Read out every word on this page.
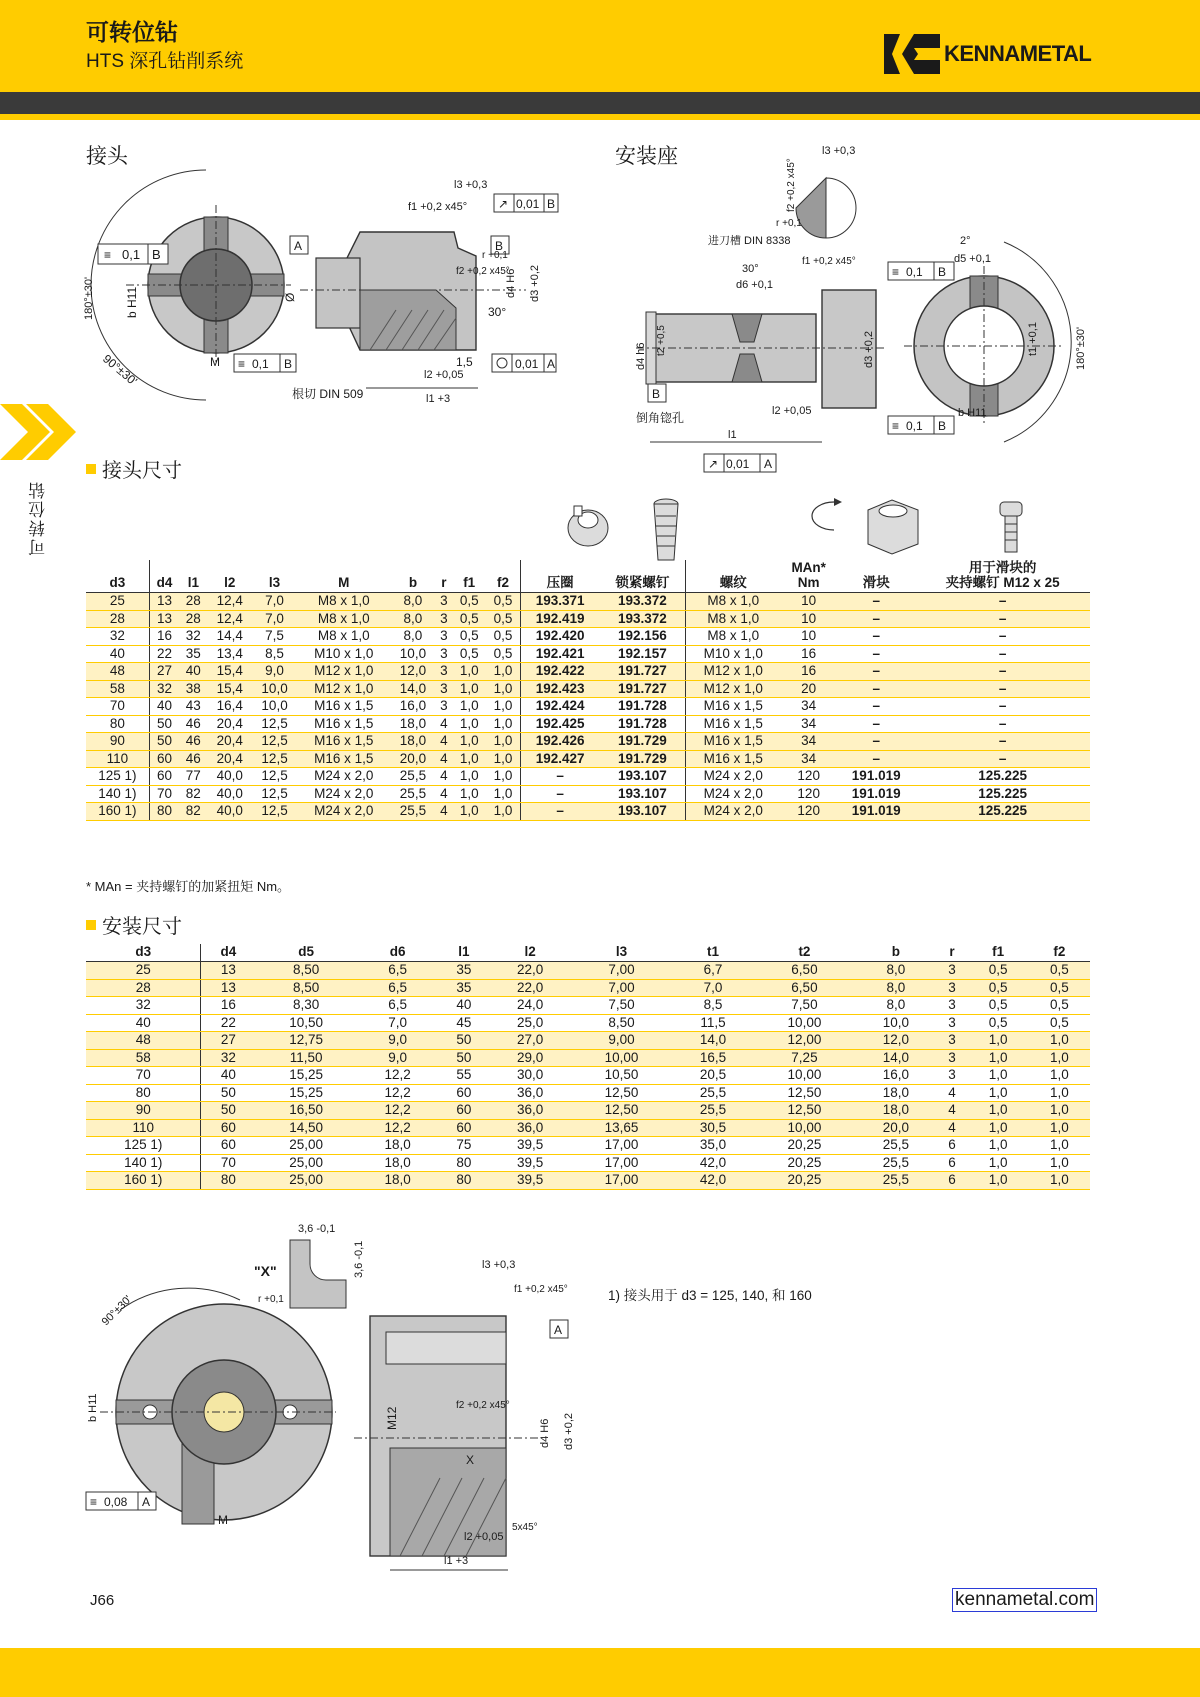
可转位钻
HTS 深孔钻削系统	KENNAMETAL
可转位钻
接头	安装座
≡ 0,1 B
180°±30'	b H11
90°±30'	M ≡ 0,1 B
A
l3 +0,3
f1 +0,2 x45°	↗ 0,01 B
B
Ø
r +0,1
f2 +0,2 x45°
d4 H6 d3 +0,2
30°
1,5	0,01 A
l2 +0,05
l1 +3
根切 DIN 509
l3 +0,3
f2 +0,2 x45°
r +0,1
进刀槽 DIN 8338
30°
f1 +0,2 x45°
d6 +0,1
t2 +0,5
d4 h6	d3 +0,2
B
倒角锪孔	l2 +0,05
l1
↗ 0,01 A
2°
d5 +0,1
≡ 0,1 B
t1 +0,1	180°±30'
b H11
≡ 0,1 B
接头尺寸
d3	d4	l1	l2	l3	M	b	r	f1	f2	压圈	锁紧螺钉	螺纹	MAn*
Nm	滑块	用于滑块的
夹持螺钉 M12 x 25
25	13	28	12,4	7,0	M8 x 1,0	8,0	3	0,5	0,5	193.371	193.372	M8 x 1,0	10	–	–
28	13	28	12,4	7,0	M8 x 1,0	8,0	3	0,5	0,5	192.419	193.372	M8 x 1,0	10	–	–
32	16	32	14,4	7,5	M8 x 1,0	8,0	3	0,5	0,5	192.420	192.156	M8 x 1,0	10	–	–
40	22	35	13,4	8,5	M10 x 1,0	10,0	3	0,5	0,5	192.421	192.157	M10 x 1,0	16	–	–
48	27	40	15,4	9,0	M12 x 1,0	12,0	3	1,0	1,0	192.422	191.727	M12 x 1,0	16	–	–
58	32	38	15,4	10,0	M12 x 1,0	14,0	3	1,0	1,0	192.423	191.727	M12 x 1,0	20	–	–
70	40	43	16,4	10,0	M16 x 1,5	16,0	3	1,0	1,0	192.424	191.728	M16 x 1,5	34	–	–
80	50	46	20,4	12,5	M16 x 1,5	18,0	4	1,0	1,0	192.425	191.728	M16 x 1,5	34	–	–
90	50	46	20,4	12,5	M16 x 1,5	18,0	4	1,0	1,0	192.426	191.729	M16 x 1,5	34	–	–
110	60	46	20,4	12,5	M16 x 1,5	20,0	4	1,0	1,0	192.427	191.729	M16 x 1,5	34	–	–
125 1)	60	77	40,0	12,5	M24 x 2,0	25,5	4	1,0	1,0	–	193.107	M24 x 2,0	120	191.019	125.225
140 1)	70	82	40,0	12,5	M24 x 2,0	25,5	4	1,0	1,0	–	193.107	M24 x 2,0	120	191.019	125.225
160 1)	80	82	40,0	12,5	M24 x 2,0	25,5	4	1,0	1,0	–	193.107	M24 x 2,0	120	191.019	125.225
* MAn = 夹持螺钉的加紧扭矩 Nm。
安装尺寸
d3	d4	d5	d6	l1	l2	l3	t1	t2	b	r	f1	f2
25	13	8,50	6,5	35	22,0	7,00	6,7	6,50	8,0	3	0,5	0,5
28	13	8,50	6,5	35	22,0	7,00	7,0	6,50	8,0	3	0,5	0,5
32	16	8,30	6,5	40	24,0	7,50	8,5	7,50	8,0	3	0,5	0,5
40	22	10,50	7,0	45	25,0	8,50	11,5	10,00	10,0	3	0,5	0,5
48	27	12,75	9,0	50	27,0	9,00	14,0	12,00	12,0	3	1,0	1,0
58	32	11,50	9,0	50	29,0	10,00	16,5	7,25	14,0	3	1,0	1,0
70	40	15,25	12,2	55	30,0	10,50	20,5	10,00	16,0	3	1,0	1,0
80	50	15,25	12,2	60	36,0	12,50	25,5	12,50	18,0	4	1,0	1,0
90	50	16,50	12,2	60	36,0	12,50	25,5	12,50	18,0	4	1,0	1,0
110	60	14,50	12,2	60	36,0	13,65	30,5	10,00	20,0	4	1,0	1,0
125 1)	60	25,00	18,0	75	39,5	17,00	35,0	20,25	25,5	6	1,0	1,0
140 1)	70	25,00	18,0	80	39,5	17,00	42,0	20,25	25,5	6	1,0	1,0
160 1)	80	25,00	18,0	80	39,5	17,00	42,0	20,25	25,5	6	1,0	1,0
90°±30'
b H11
M
≡ 0,08 A
3,6 -0,1
3,6 -0,1
"X"
r +0,1
l3 +0,3
f1 +0,2 x45°
A
M12
f2 +0,2 x45°
d4 H6 d3 +0,2
X
5x45°
l2 +0,05
l1 +3
1) 接头用于 d3 = 125, 140, 和 160
J66	kennametal.com
